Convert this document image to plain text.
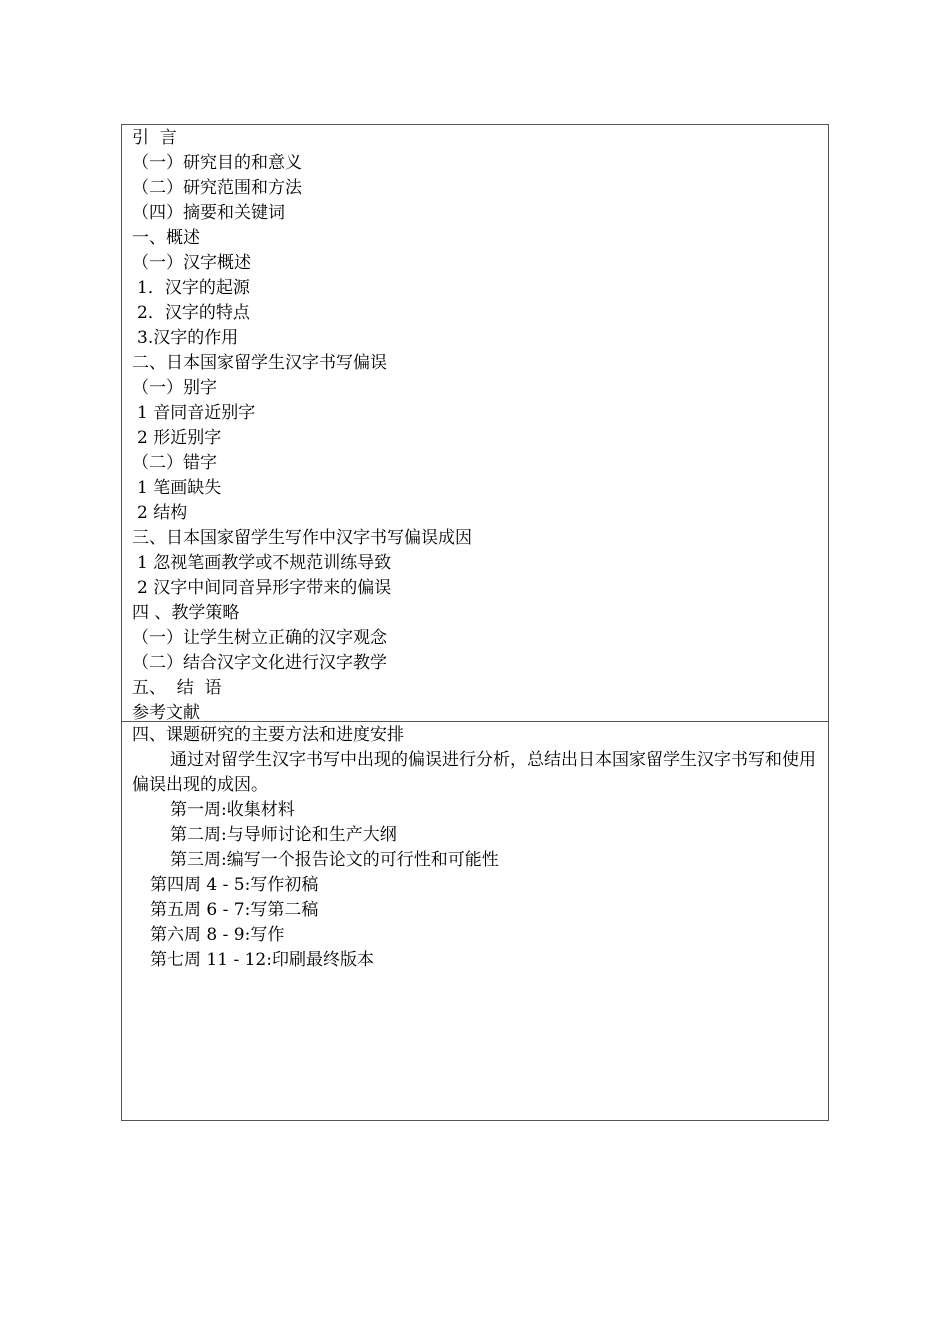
引  言
（一）研究目的和意义
（二）研究范围和方法
（四）摘要和关键词
一、概述
（一）汉字概述
1．汉字的起源
2．汉字的特点
3.汉字的作用
二、日本国家留学生汉字书写偏误
（一）别字
1 音同音近别字
2 形近别字
（二）错字
1 笔画缺失
2 结构
三、日本国家留学生写作中汉字书写偏误成因
1 忽视笔画教学或不规范训练导致
2 汉字中间同音异形字带来的偏误
四 、教学策略
（一）让学生树立正确的汉字观念
（二）结合汉字文化进行汉字教学
五、  结  语
参考文献
四、课题研究的主要方法和进度安排
通过对留学生汉字书写中出现的偏误进行分析，总结出日本国家留学生汉字书写和使用偏误出现的成因。
第一周:收集材料
第二周:与导师讨论和生产大纲
第三周:编写一个报告论文的可行性和可能性
第四周 4 - 5:写作初稿
第五周 6 - 7:写第二稿
第六周 8 - 9:写作
第七周 11 - 12:印刷最终版本
